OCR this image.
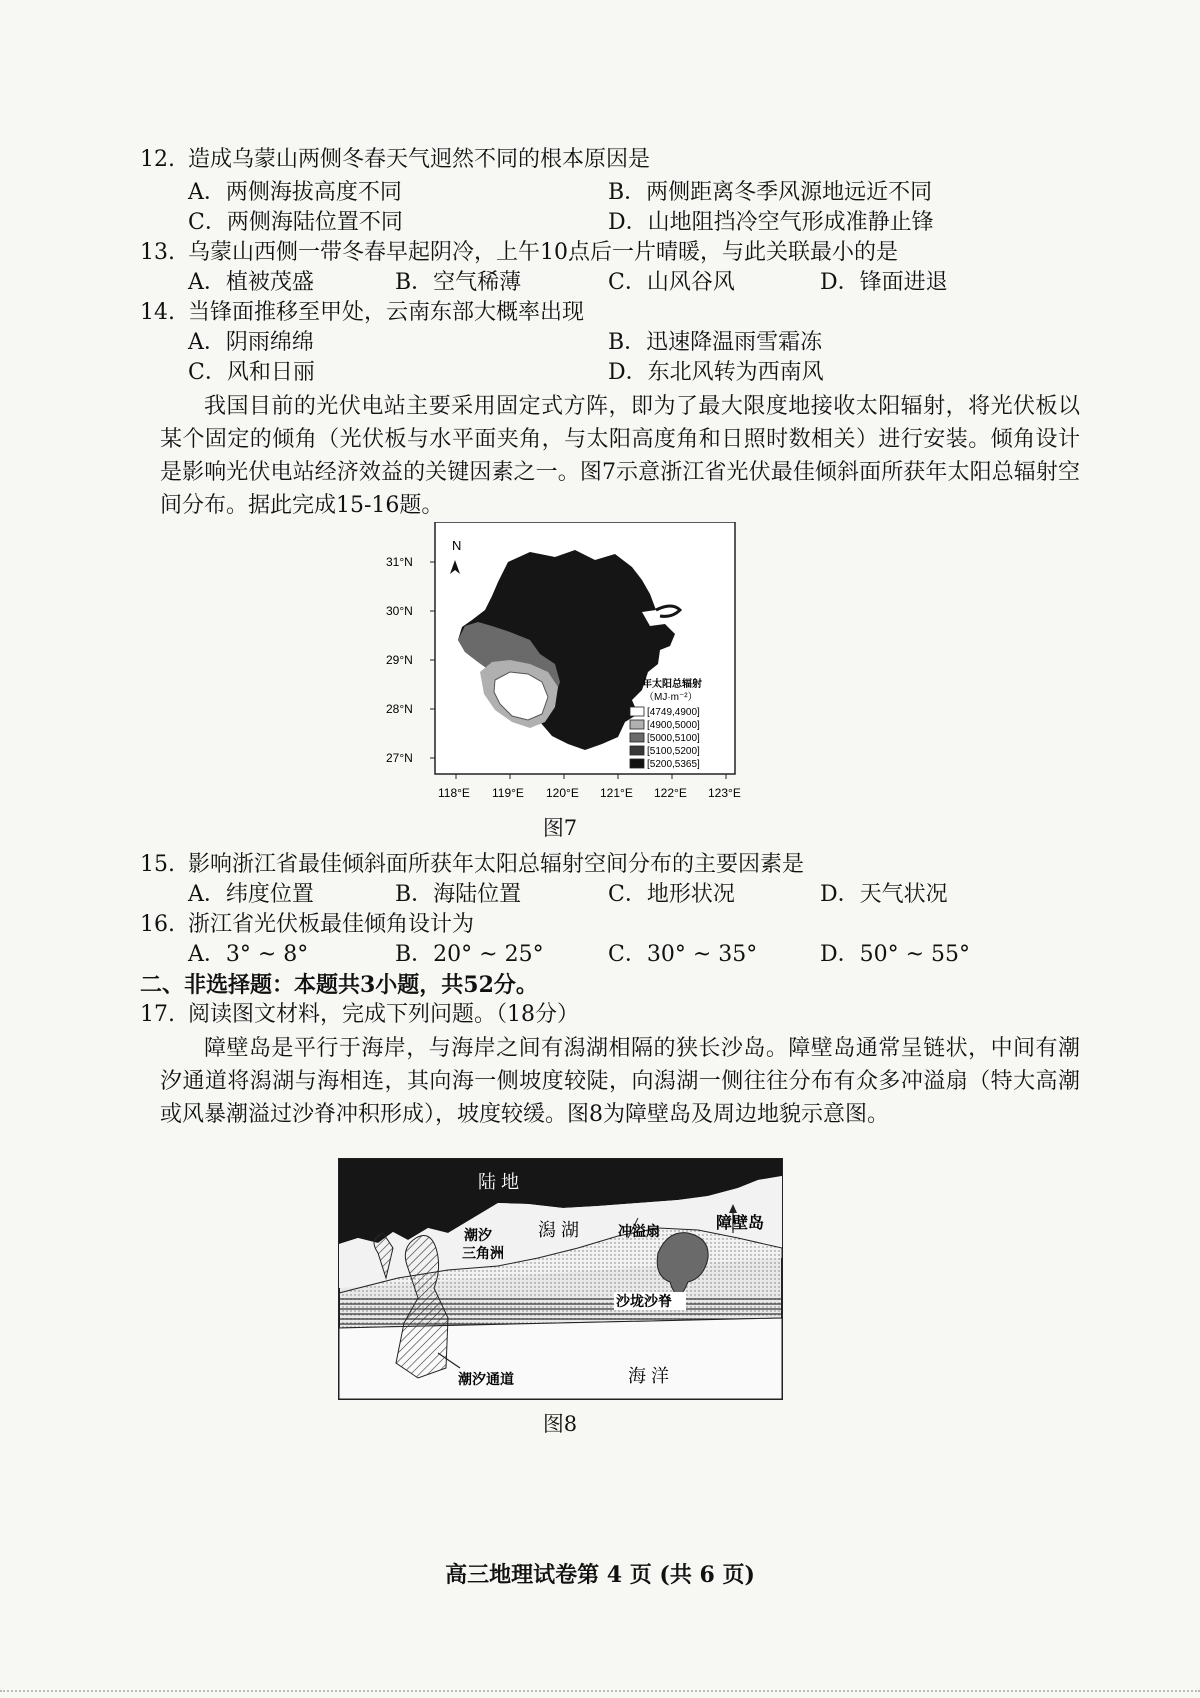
12. 造成乌蒙山两侧冬春天气迥然不同的根本原因是
A．两侧海拔高度不同	B．两侧距离冬季风源地远近不同
C．两侧海陆位置不同	D．山地阻挡冷空气形成准静止锋
13. 乌蒙山西侧一带冬春早起阴冷，上午10点后一片晴暖，与此关联最小的是
A．植被茂盛	B．空气稀薄	C．山风谷风	D．锋面进退
14. 当锋面推移至甲处，云南东部大概率出现
A．阴雨绵绵	B．迅速降温雨雪霜冻
C．风和日丽	D．东北风转为西南风

我国目前的光伏电站主要采用固定式方阵，即为了最大限度地接收太阳辐射，将光伏板以某个固定的倾角（光伏板与水平面夹角，与太阳高度角和日照时数相关）进行安装。倾角设计是影响光伏电站经济效益的关键因素之一。图7示意浙江省光伏最佳倾斜面所获年太阳总辐射空间分布。据此完成15-16题。

N
31°N
30°N
29°N
28°N
27°N
118°E 119°E 120°E 121°E 122°E 123°E
年太阳总辐射
（MJ·m⁻²）
[4749,4900]
[4900,5000]
[5000,5100]
[5100,5200]
[5200,5365]
图7
15. 影响浙江省最佳倾斜面所获年太阳总辐射空间分布的主要因素是
A．纬度位置	B．海陆位置	C．地形状况	D．天气状况
16. 浙江省光伏板最佳倾角设计为
A．3° ~ 8°	B．20° ~ 25°	C．30° ~ 35°	D．50° ~ 55°
二、非选择题：本题共3小题，共52分。
17. 阅读图文材料，完成下列问题。（18分）

障壁岛是平行于海岸，与海岸之间有潟湖相隔的狭长沙岛。障壁岛通常呈链状，中间有潮汐通道将潟湖与海相连，其向海一侧坡度较陡，向潟湖一侧往往分布有众多冲溢扇（特大高潮或风暴潮溢过沙脊冲积形成），坡度较缓。图8为障壁岛及周边地貌示意图。

陆 地
潟 湖
潮汐
三角洲
冲溢扇	障壁岛
沙垅沙脊
潮汐通道	海 洋
图8
高三地理试卷第 4 页 (共 6 页)
